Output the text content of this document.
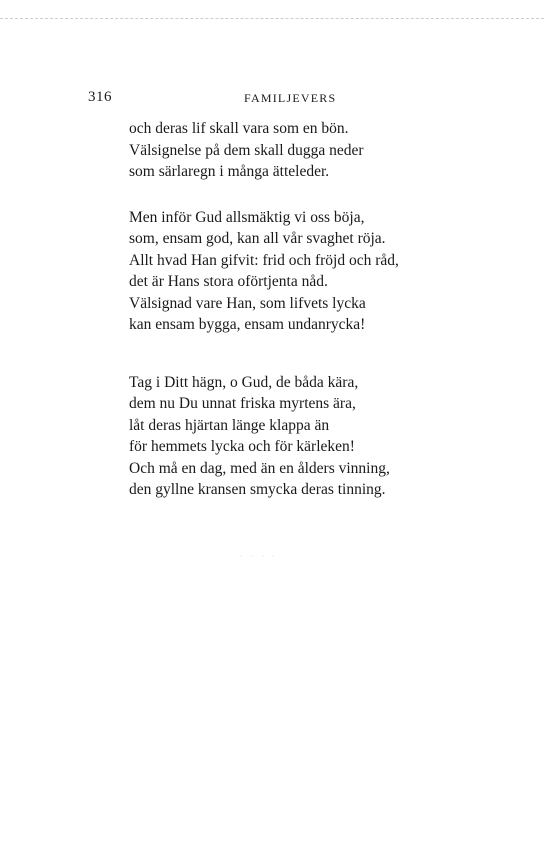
316	FAMILJEVERS
och deras lif skall vara som en bön.
Välsignelse på dem skall dugga neder
som särlaregn i många ätteleder.
Men inför Gud allsmäktig vi oss böja,
som, ensam god, kan all vår svaghet röja.
Allt hvad Han gifvit: frid och fröjd och råd,
det är Hans stora oförtjenta nåd.
Välsignad vare Han, som lifvets lycka
kan ensam bygga, ensam undanrycka!
Tag i Ditt hägn, o Gud, de båda kära,
dem nu Du unnat friska myrtens ära,
låt deras hjärtan länge klappa än
för hemmets lycka och för kärleken!
Och må en dag, med än en ålders vinning,
den gyllne kransen smycka deras tinning.
· · · ·
